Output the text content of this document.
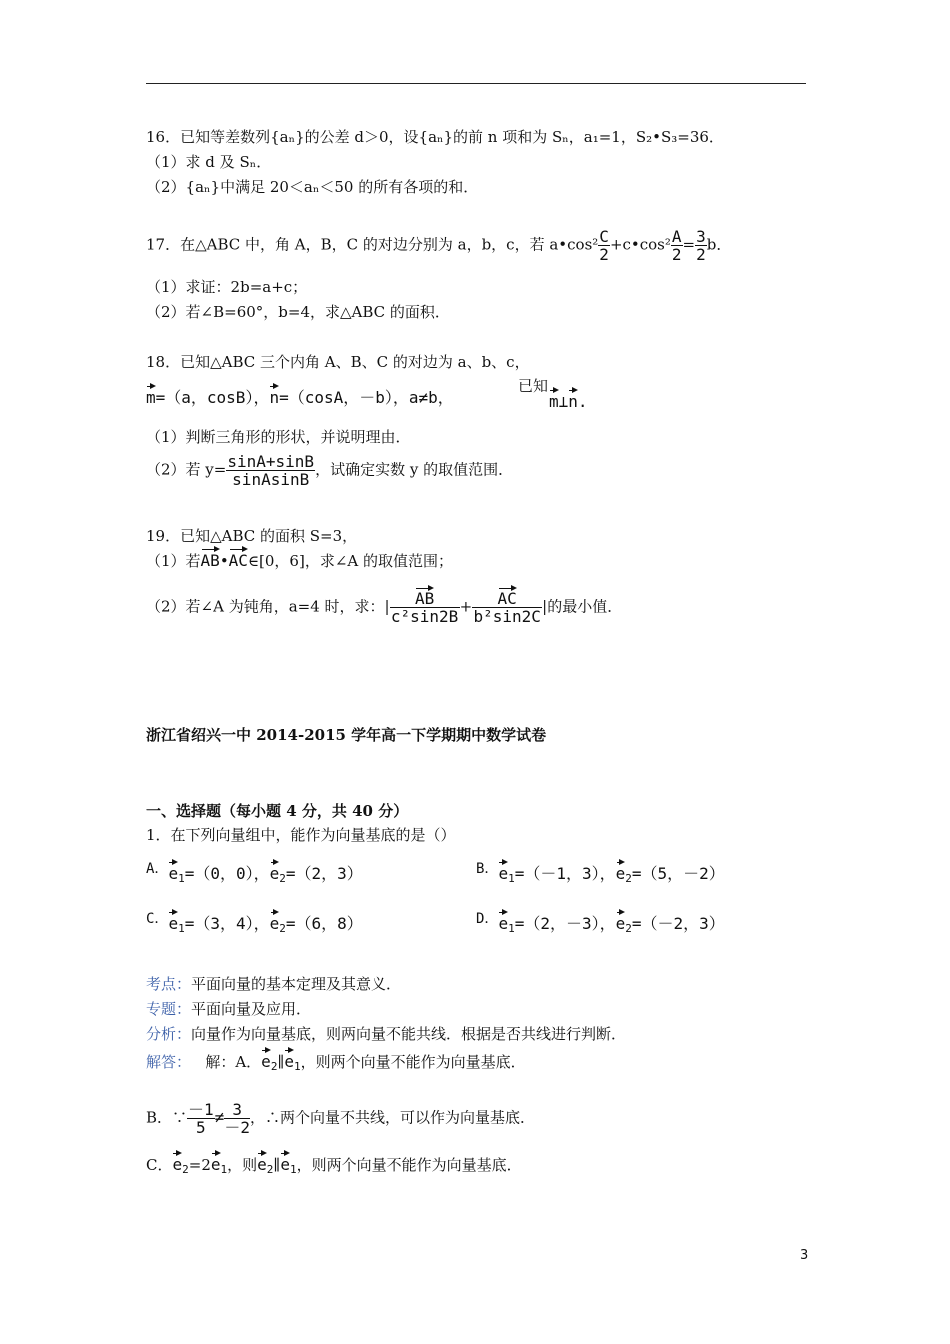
16．已知等差数列{aₙ}的公差 d＞0，设{aₙ}的前 n 项和为 Sₙ，a₁=1，S₂•S₃=36．
（1）求 d 及 Sₙ．
（2）{aₙ}中满足 20＜aₙ＜50 的所有各项的和．
17．在△ABC 中，角 A，B，C 的对边分别为 a，b，c，若 a•cos² $\frac{C}{2}$ +c•cos² $\frac{A}{2} = \frac{3}{2}$ b．
（1）求证：2b=a+c；
（2）若∠B=60°，b=4，求△ABC 的面积．
18．已知△ABC 三个内角 A、B、C 的对边为 a、b、c，
m=（a，cosB），n=（cosA，－b），a≠b，
已知
m⊥n.
（1）判断三角形的形状，并说明理由．
（2）若 $y= \frac{\sin A+\sin B}{\text{sinAsinB}}$ ，试确定实数 y 的取值范围．
19．已知△ABC 的面积 S=3，
（1）若AB•AC∈[0，6]，求∠A 的取值范围；
（2）若∠A 为钝角，a=4 时，求：| $\frac{AB}{\text{c²sin2B}} + \frac{AC}{\text{b²sin2C}}$ |的最小值．
浙江省绍兴一中 2014-2015 学年高一下学期期中数学试卷
一、选择题（每小题 4 分，共 40 分）
1．在下列向量组中，能作为向量基底的是（）
A．$e_1=(0$，0），$e_2=(2$，3）	B．$e_1=(-1$，3），$e_2=(5$，－2）
C．$e_1=(3$，4），$e_2=(6$，8）	D．$e_1=(2$，－3），$e_2=(-2$，3）
考点：平面向量的基本定理及其意义．
专题：平面向量及应用．
分析：向量作为向量基底，则两向量不能共线．根据是否共线进行判断．
解答： 解：A．$e_2\parallel e_1$，则两个向量不能作为向量基底．
B．∵ $\frac{-1}{5} \ne \frac{3}{-2}$ ，∴两个向量不共线，可以作为向量基底．
C．$e_2=2e_1$，则$e_2\parallel e_1$，则两个向量不能作为向量基底．
3
